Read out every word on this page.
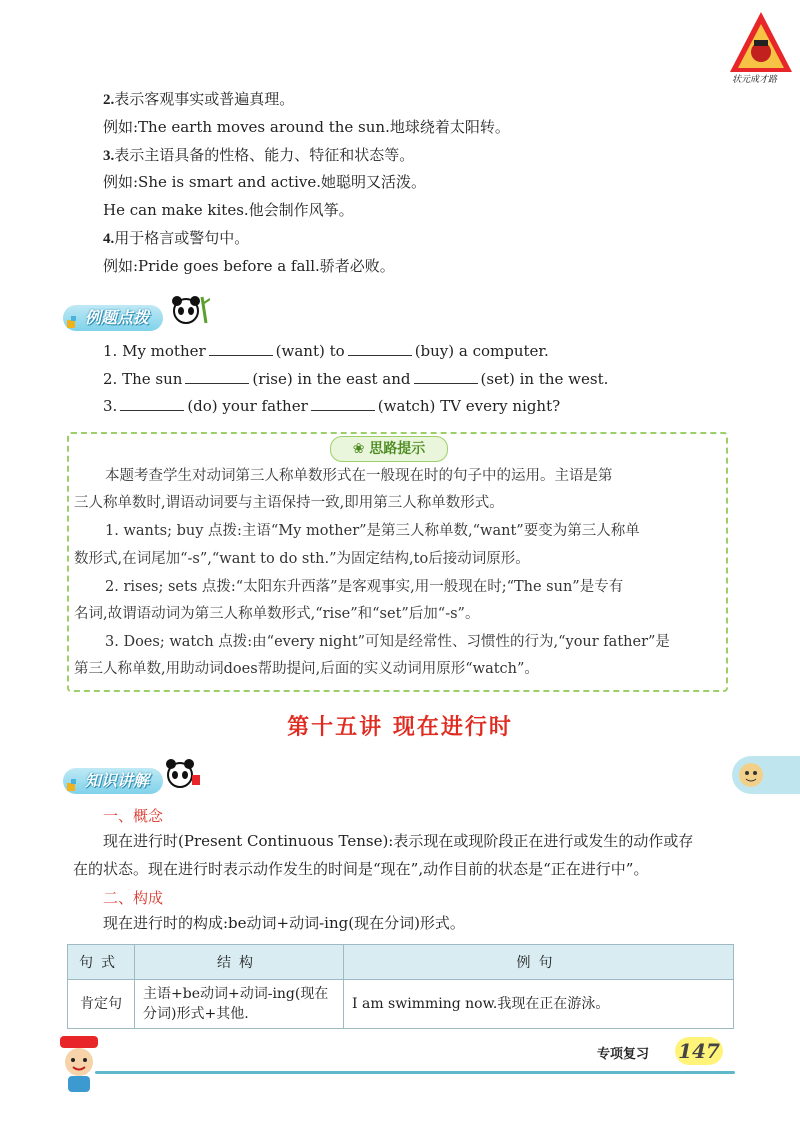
状元成才路
2.表示客观事实或普遍真理。
例如:The earth moves around the sun.地球绕着太阳转。
3.表示主语具备的性格、能力、特征和状态等。
例如:She is smart and active.她聪明又活泼。
He can make kites.他会制作风筝。
4.用于格言或警句中。
例如:Pride goes before a fall.骄者必败。
例题点拨
1. My mother	(want) to	(buy) a computer.
2. The sun	(rise) in the east and	(set) in the west.
3.	(do) your father	(watch) TV every night?
❀ 思路提示
本题考查学生对动词第三人称单数形式在一般现在时的句子中的运用。主语是第
三人称单数时,谓语动词要与主语保持一致,即用第三人称单数形式。
1. wants; buy 点拨:主语“My mother”是第三人称单数,“want”要变为第三人称单
数形式,在词尾加“-s”,“want to do sth.”为固定结构,to后接动词原形。
2. rises; sets 点拨:“太阳东升西落”是客观事实,用一般现在时;“The sun”是专有
名词,故谓语动词为第三人称单数形式,“rise”和“set”后加“-s”。
3. Does; watch 点拨:由“every night”可知是经常性、习惯性的行为,“your father”是
第三人称单数,用助动词does帮助提问,后面的实义动词用原形“watch”。
第十五讲 现在进行时
知识讲解
一、概念
现在进行时(Present Continuous Tense):表示现在或现阶段正在进行或发生的动作或存
在的状态。现在进行时表示动作发生的时间是“现在”,动作目前的状态是“正在进行中”。
二、构成
现在进行时的构成:be动词+动词-ing(现在分词)形式。
句式	结构	例句
肯定句	主语+be动词+动词-ing(现在
分词)形式+其他.	I am swimming now.我现在正在游泳。
专项复习 147
